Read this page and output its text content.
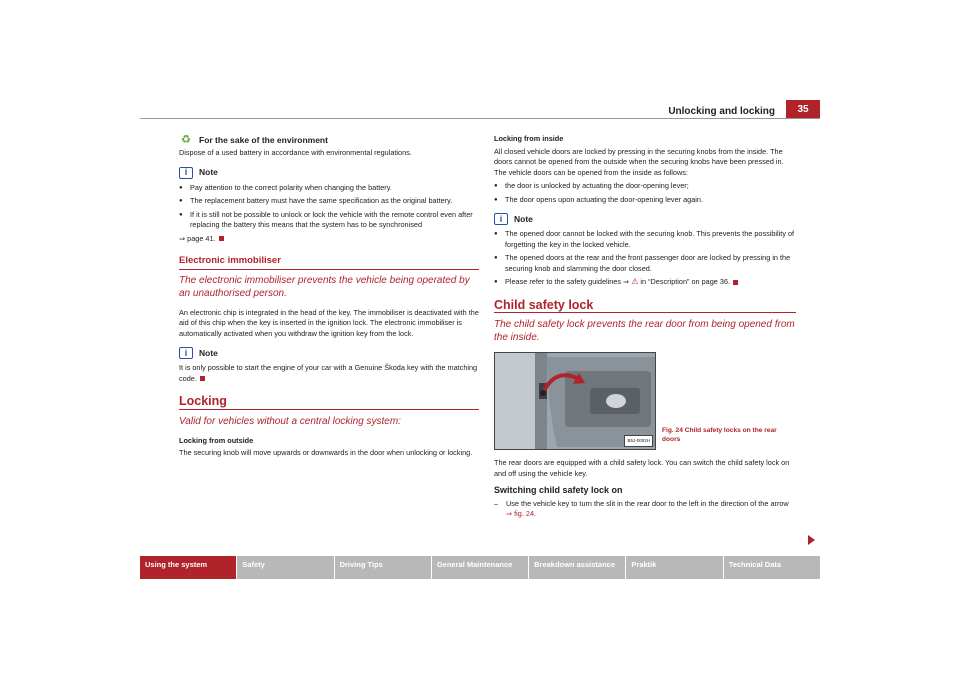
Unlocking and locking	35
♻ For the sake of the environment

Dispose of a used battery in accordance with environmental regulations.

i	Note
● Pay attention to the correct polarity when changing the battery.
● The replacement battery must have the same specification as the original battery.
● If it is still not be possible to unlock or lock the vehicle with the remote control even after replacing the battery this means that the system has to be synchronised

⇒ page 41.

Electronic immobiliser
The electronic immobiliser prevents the vehicle being operated by an unauthorised person.

An electronic chip is integrated in the head of the key. The immobiliser is deactivated with the aid of this chip when the key is inserted in the ignition lock. The electronic immobiliser is automatically activated when you withdraw the ignition key from the lock.

i	Note

It is only possible to start the engine of your car with a Genuine Škoda key with the matching code.

Locking
Valid for vehicles without a central locking system:
Locking from outside

The securing knob will move upwards or downwards in the door when unlocking or locking.

Locking from inside

All closed vehicle doors are locked by pressing in the securing knobs from the inside. The doors cannot be opened from the outside when the securing knobs have been pressed in. The vehicle doors can be opened from the inside as follows:

● the door is unlocked by actuating the door-opening lever;
● The door opens upon actuating the door-opening lever again.
i	Note
● The opened door cannot be locked with the securing knob. This prevents the possibility of forgetting the key in the locked vehicle.
● The opened doors at the rear and the front passenger door are locked by pressing in the securing knob and slamming the door closed.
● Please refer to the safety guidelines ⇒ ⚠ in “Description” on page 36.
Child safety lock
The child safety lock prevents the rear door from being opened from the inside.
B5J-0002H
Fig. 24 Child safety locks on the rear doors

The rear doors are equipped with a child safety lock. You can switch the child safety lock on and off using the vehicle key.

Switching child safety lock on

– Use the vehicle key to turn the slit in the rear door to the left in the direction of the arrow ⇒ fig. 24.

Using the system	Safety	Driving Tips	General Maintenance	Breakdown assistance	Praktik	Technical Data
